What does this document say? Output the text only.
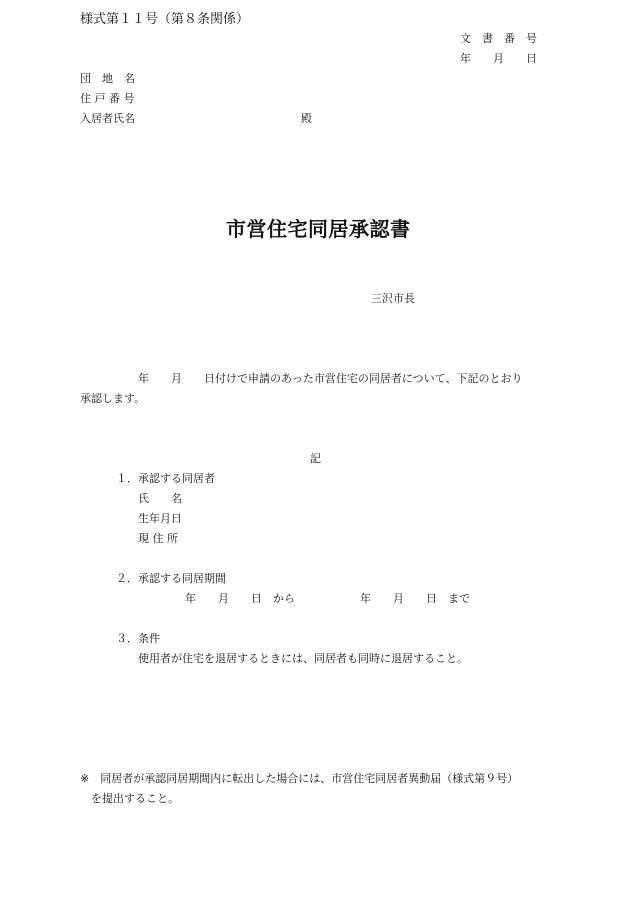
様式第１１号（第８条関係）
文　書　番　号
年　　月　　日
団　地　名
住 戸 番 号
入居者氏名	殿
市営住宅同居承認書
三沢市長
年　　月　　日付けで申請のあった市営住宅の同居者について、下記のとおり
承認します。
記
１．承認する同居者
氏　　名
生年月日
現 住 所
２．承認する同居期間
年　　月　　日　から	年　　月　　日　まで
３．条件
使用者が住宅を退居するときには、同居者も同時に退居すること。
※　同居者が承認同居期間内に転出した場合には、市営住宅同居者異動届（様式第９号）
を提出すること。
